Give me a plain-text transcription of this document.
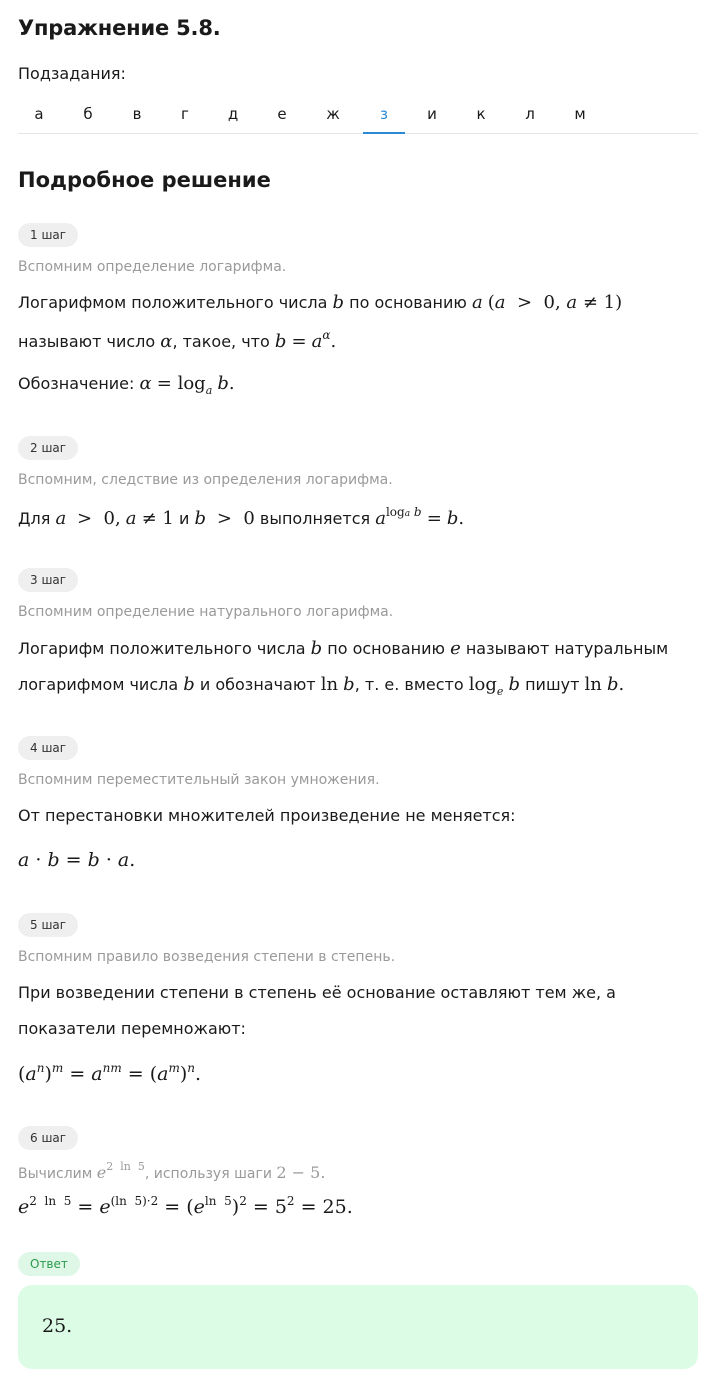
Упражнение 5.8.
Подзадания:
а	б	в	г	д	е	ж	з	и	к	л	м
Подробное решение
1 шаг
Вспомним определение логарифма.
Логарифмом положительного числа b по основанию a (a  >  0, a ≠ 1)
называют число α, такое, что $b = a^\alpha$.
Обозначение: $\alpha = \log_a b$.
2 шаг
Вспомним, следствие из определения логарифма.
Для a  >  0, a ≠ 1 и b  >  0 выполняется $a^{loga b} = b$.
3 шаг
Вспомним определение натурального логарифма.
Логарифм положительного числа b по основанию e называют натуральным
логарифмом числа b и обозначают ln b, т. е. вместо $\log_e b$ пишут ln b.
4 шаг
Вспомним переместительный закон умножения.
От перестановки множителей произведение не меняется:
a · b = b · a.
5 шаг
Вспомним правило возведения степени в степень.
При возведении степени в степень её основание оставляют тем же, а
показатели перемножают:
$(a^n)^m = a^{nm} = (a^m)^n$.
6 шаг
Вычислим $e^{2 ln 5}$, используя шаги 2 − 5.
$e^{2 ln 5} = e^{(ln 5)\cdot 2} = (e^{ln 5})^2 = 5^2 = 25$.
Ответ
25.
